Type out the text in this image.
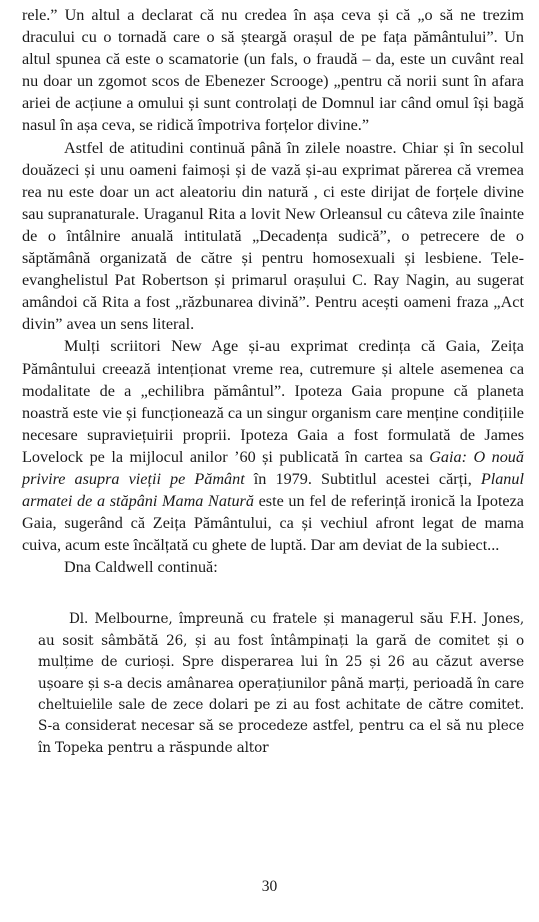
rele.” Un altul a declarat că nu credea în așa ceva și că „o să ne trezim dracului cu o tornadă care o să șteargă orașul de pe fața pământului”. Un altul spunea că este o scamatorie (un fals, o fraudă – da, este un cuvânt real nu doar un zgomot scos de Ebenezer Scrooge) „pentru că norii sunt în afara ariei de acțiune a omului și sunt controlați de Domnul iar când omul își bagă nasul în așa ceva, se ridică împotriva forțelor divine.”

Astfel de atitudini continuă până în zilele noastre. Chiar și în secolul douăzeci și unu oameni faimoși și de vază și-au exprimat părerea că vremea rea nu este doar un act aleatoriu din natură , ci este dirijat de forțele divine sau supranaturale. Uraganul Rita a lovit New Orleansul cu câteva zile înainte de o întâlnire anuală intitulată „Decadența sudică”, o petrecere de o săptămână organizată de către și pentru homosexuali și lesbiene. Tele-evanghelistul Pat Robertson și primarul orașului C. Ray Nagin, au sugerat amândoi că Rita a fost „răzbunarea divină”. Pentru acești oameni fraza „Act divin” avea un sens literal.

Mulți scriitori New Age și-au exprimat credința că Gaia, Zeița Pământului creează intenționat vreme rea, cutremure și altele asemenea ca modalitate de a „echilibra pământul”. Ipoteza Gaia propune că planeta noastră este vie și funcționează ca un singur organism care menține condițiile necesare supraviețuirii proprii. Ipoteza Gaia a fost formulată de James Lovelock pe la mijlocul anilor ’60 și publicată în cartea sa Gaia: O nouă privire asupra vieții pe Pământ în 1979. Subtitlul acestei cărți, Planul armatei de a stăpâni Mama Natură este un fel de referință ironică la Ipoteza Gaia, sugerând că Zeița Pământului, ca și vechiul afront legat de mama cuiva, acum este încălțată cu ghete de luptă. Dar am deviat de la subiect...

Dna Caldwell continuă:

Dl. Melbourne, împreună cu fratele și managerul său F.H. Jones, au sosit sâmbătă 26, și au fost întâmpinați la gară de comitet și o mulțime de curioși. Spre disperarea lui în 25 și 26 au căzut averse ușoare și s-a decis amânarea operațiunilor până marți, perioadă în care cheltuielile sale de zece dolari pe zi au fost achitate de către comitet. S-a considerat necesar să se procedeze astfel, pentru ca el să nu plece în Topeka pentru a răspunde altor

30
